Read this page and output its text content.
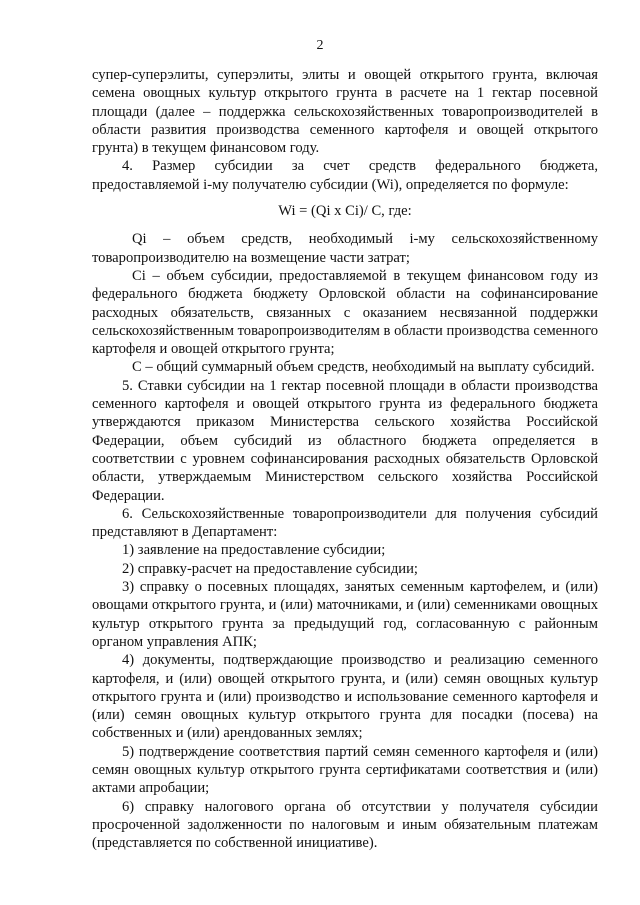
2

супер-суперэлиты, суперэлиты, элиты и овощей открытого грунта, включая семена овощных культур открытого грунта в расчете на 1 гектар посевной площади (далее – поддержка сельскохозяйственных товаропроизводителей в области развития производства семенного картофеля и овощей открытого грунта) в текущем финансовом году.

4. Размер субсидии за счет средств федерального бюджета, предоставляемой i-му получателю субсидии (Wi), определяется по формуле:

Wi = (Qi x Ci)/ C, где:

Qi – объем средств, необходимый i-му сельскохозяйственному товаропроизводителю на возмещение части затрат;

Ci – объем субсидии, предоставляемой в текущем финансовом году из федерального бюджета бюджету Орловской области на софинансирование расходных обязательств, связанных с оказанием несвязанной поддержки сельскохозяйственным товаропроизводителям в области производства семенного картофеля и овощей открытого грунта;

С – общий суммарный объем средств, необходимый на выплату субсидий.

5. Ставки субсидии на 1 гектар посевной площади в области производства семенного картофеля и овощей открытого грунта из федерального бюджета утверждаются приказом Министерства сельского хозяйства Российской Федерации, объем субсидий из областного бюджета определяется в соответствии с уровнем софинансирования расходных обязательств Орловской области, утверждаемым Министерством сельского хозяйства Российской Федерации.

6. Сельскохозяйственные товаропроизводители для получения субсидий представляют в Департамент:

1) заявление на предоставление субсидии;

2) справку-расчет на предоставление субсидии;

3) справку о посевных площадях, занятых семенным картофелем, и (или) овощами открытого грунта, и (или) маточниками, и (или) семенниками овощных культур открытого грунта за предыдущий год, согласованную с районным органом управления АПК;

4) документы, подтверждающие производство и реализацию семенного картофеля, и (или) овощей открытого грунта, и (или) семян овощных культур открытого грунта и (или) производство и использование семенного картофеля и (или) семян овощных культур открытого грунта для посадки (посева) на собственных и (или) арендованных землях;

5) подтверждение соответствия партий семян семенного картофеля и (или) семян овощных культур открытого грунта сертификатами соответствия и (или) актами апробации;

6) справку налогового органа об отсутствии у получателя субсидии просроченной задолженности по налоговым и иным обязательным платежам (представляется по собственной инициативе).
